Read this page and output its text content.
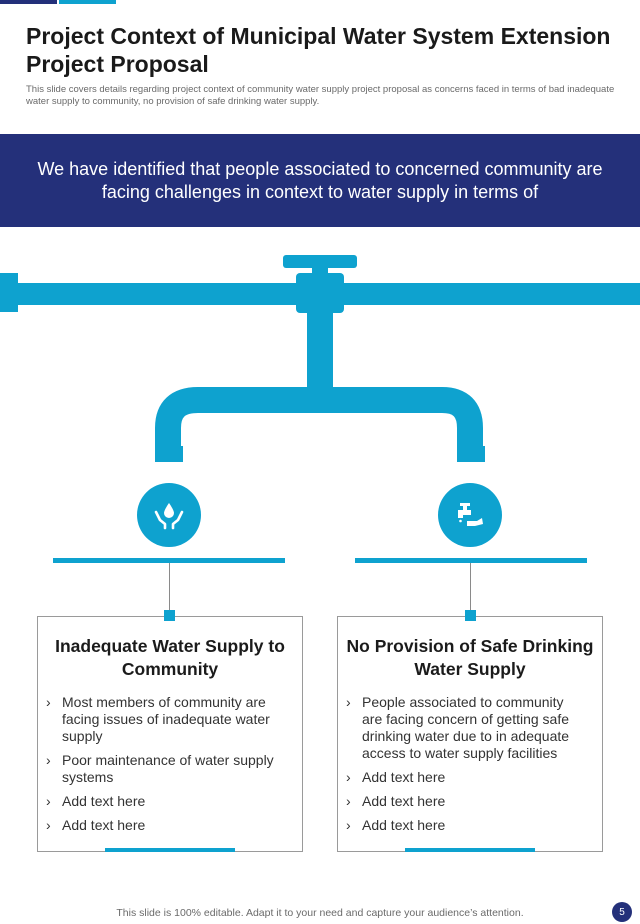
Project Context of Municipal Water System Extension Project Proposal

This slide covers details regarding project context of community water supply project proposal as concerns faced in terms of bad inadequate water supply to community, no provision of safe drinking water supply.

We have identified that people associated to concerned community are facing challenges in context to water supply in terms of

Inadequate Water Supply to Community
› Most members of community are facing issues of inadequate water supply
› Poor maintenance of water supply systems
› Add text here
› Add text here
No Provision of Safe Drinking Water Supply
› People associated to community are facing concern of getting safe drinking water due to in adequate access to water supply facilities
› Add text here
› Add text here
› Add text here

This slide is 100% editable. Adapt it to your need and capture your audience’s attention.	5
